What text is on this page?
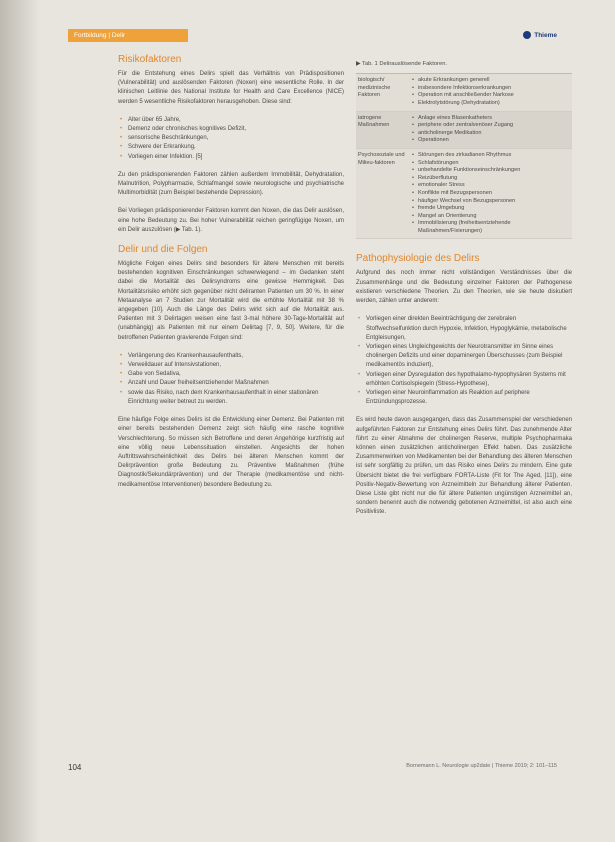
Fortbildung | Delir	Thieme
Risikofaktoren

Für die Entstehung eines Delirs spielt das Verhältnis von Prädispositionen (Vulnerabilität) und auslösenden Faktoren (Noxen) eine wesentliche Rolle. In der klinischen Leitlinie des National Institute for Health and Care Excellence (NICE) werden 5 wesentliche Risikofaktoren herausgehoben. Diese sind:

• Alter über 65 Jahre,
• Demenz oder chronisches kognitives Defizit,
• sensorische Beschränkungen,
• Schwere der Erkrankung,
• Vorliegen einer Infektion. [5]

Zu den prädisponierenden Faktoren zählen außerdem Immobilität, Dehydratation, Malnutrition, Polypharmazie, Schlafmangel sowie neurologische und psychiatrische Multimorbidität (zum Beispiel bestehende Depression).

Bei Vorliegen prädisponierender Faktoren kommt den Noxen, die das Delir auslösen, eine hohe Bedeutung zu. Bei hoher Vulnerabilität reichen geringfügige Noxen, um ein Delir auszulösen (▶ Tab. 1).

Delir und die Folgen

Mögliche Folgen eines Delirs sind besonders für ältere Menschen mit bereits bestehenden kognitiven Einschränkungen schwerwiegend – im Gedanken steht dabei die Mortalität des Delirsyndroms eine gewisse Hemmigkeit. Das Mortalitätsrisiko erhöht sich gegenüber nicht deliranten Patienten um 30 %. In einer Metaanalyse an 7 Studien zur Mortalität wird die erhöhte Mortalität mit 38 % angegeben [10]. Auch die Länge des Delirs wirkt sich auf die Mortalität aus. Patienten mit 3 Delirtagen weisen eine fast 3-mal höhere 30-Tage-Mortalität auf (unabhängig) als Patienten mit nur einem Delirtag [7, 9, 50]. Weitere, für die betroffenen Patienten gravierende Folgen sind:

• Verlängerung des Krankenhausaufenthalts,
• Verweildauer auf Intensivstationen,
• Gabe von Sedativa,
• Anzahl und Dauer freiheitsentziehender Maßnahmen
• sowie das Risiko, nach dem Krankenhausaufenthalt in einer stationären Einrichtung weiter betreut zu werden.

Eine häufige Folge eines Delirs ist die Entwicklung einer Demenz. Bei Patienten mit einer bereits bestehenden Demenz zeigt sich häufig eine rasche kognitive Verschlechterung. So müssen sich Betroffene und deren Angehörige kurzfristig auf eine völlig neue Lebenssituation einstellen. Angesichts der hohen Auftrittswahrscheinlichkeit des Delirs bei älteren Menschen kommt der Delirprävention große Bedeutung zu. Präventive Maßnahmen (frühe Diagnostik/Sekundärprävention) und der Therapie (medikamentöse und nicht-medikamentöse Interventionen) besondere Bedeutung zu.

▶ Tab. 1 Delirauslösende Faktoren.
biologisch/ medizinische Faktoren
• akute Erkrankungen generell
• insbesondere Infektionserkrankungen
• Operation mit anschließender Narkose
• Elektrolytstörung (Dehydratation)
iatrogene Maßnahmen
• Anlage eines Blasenkatheters
• periphere oder zentralvenöser Zugang
• anticholinerge Medikation
• Operationen
Psychosoziale und Milieu-faktoren
• Störungen des zirkadianen Rhythmus
• Schlafstörungen
• unbehandelte Funktionseinschränkungen
• Reizüberflutung
• emotionaler Stress
• Konflikte mit Bezugspersonen
• häufiger Wechsel von Bezugspersonen
• fremde Umgebung
• Mangel an Orientierung
• Immobilisierung (freiheitsentziehende Maßnahmen/Fixierungen)
Pathophysiologie des Delirs

Aufgrund des noch immer nicht vollständigen Verständnisses über die Zusammenhänge und die Bedeutung einzelner Faktoren der Pathogenese existieren verschiedene Theorien. Zu den Theorien, wie sie heute diskutiert werden, zählen unter anderem:

• Vorliegen einer direkten Beeinträchtigung der zerebralen Stoffwechselfunktion durch Hypoxie, Infektion, Hypoglykämie, metabolische Entgleisungen,
• Vorliegen eines Ungleichgewichts der Neurotransmitter im Sinne eines cholinergen Defizits und einer dopaminergen Überschusses (zum Beispiel medikamentös induziert),
• Vorliegen einer Dysregulation des hypothalamo-hypophysären Systems mit erhöhten Cortisolspiegeln (Stress-Hypothese),
• Vorliegen einer Neuroinflammation als Reaktion auf periphere Entzündungsprozesse.

Es wird heute davon ausgegangen, dass das Zusammenspiel der verschiedenen aufgeführten Faktoren zur Entstehung eines Delirs führt. Das zunehmende Alter führt zu einer Abnahme der cholinergen Reserve, multiple Psychopharmaka können einen zusätzlichen anticholinergen Effekt haben. Das zusätzliche Zusammenwirken von Medikamenten bei der Behandlung des älteren Menschen ist sehr sorgfältig zu prüfen, um das Risiko eines Delirs zu mindern. Eine gute Übersicht bietet die frei verfügbare FORTA-Liste (Fit for The Aged, [11]), eine Positiv-Negativ-Bewertung von Arzneimitteln zur Behandlung älterer Patienten. Diese Liste gibt nicht nur die für ältere Patienten ungünstigen Arzneimittel an, sondern benennt auch die notwendig gebotenen Arzneimittel, ist also auch eine Positivliste.

104	Bornemann L. Neurologie up2date | Thieme 2019; 2: 101–115
